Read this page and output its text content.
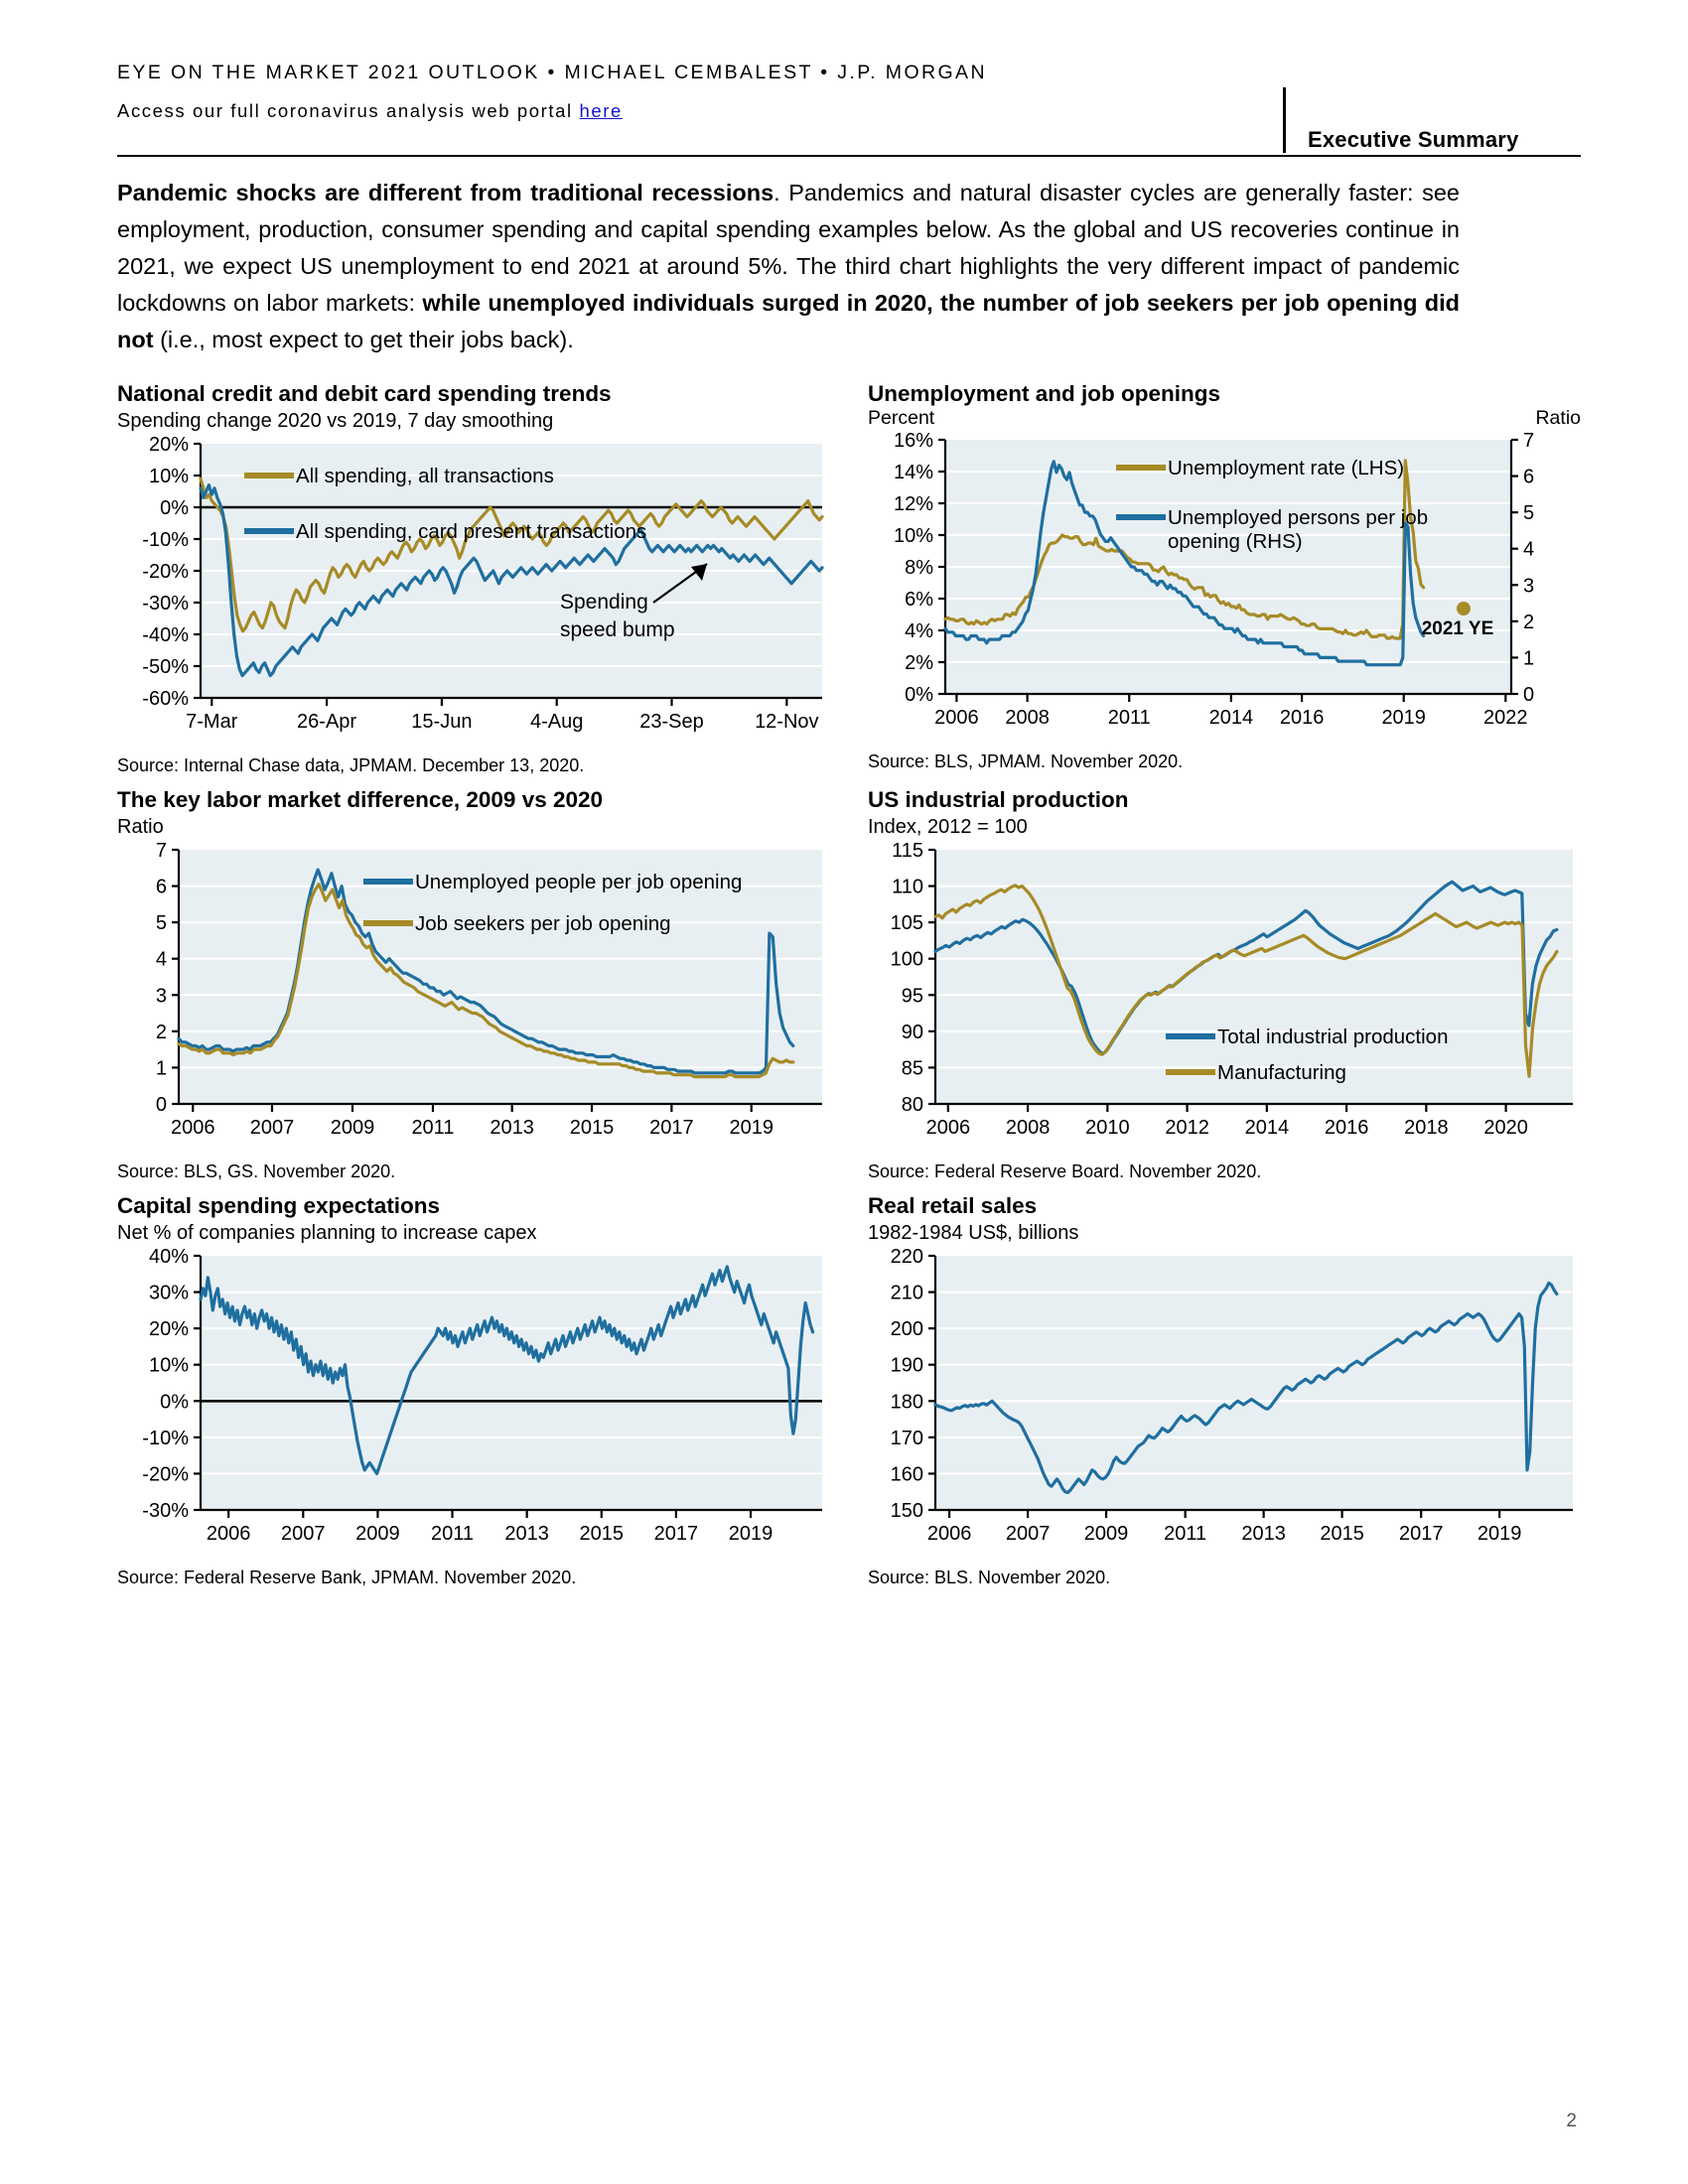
EYE ON THE MARKET 2021 OUTLOOK • MICHAEL CEMBALEST • J.P. MORGAN
Access our full coronavirus analysis web portal here
Executive Summary
Pandemic shocks are different from traditional recessions. Pandemics and natural disaster cycles are generally faster: see employment, production, consumer spending and capital spending examples below. As the global and US recoveries continue in 2021, we expect US unemployment to end 2021 at around 5%. The third chart highlights the very different impact of pandemic lockdowns on labor markets: while unemployed individuals surged in 2020, the number of job seekers per job opening did not (i.e., most expect to get their jobs back).
National credit and debit card spending trends
Spending change 2020 vs 2019, 7 day smoothing
20%
10%
0%
-10%
-20%
-30%
-40%
-50%
-60%
7-Mar	26-Apr	15-Jun	4-Aug	23-Sep	12-Nov
All spending, all transactions
All spending, card present transactions
Spending
speed bump
Source: Internal Chase data, JPMAM. December 13, 2020.
Unemployment and job openings
Percent	Ratio
16%
14%
12%
10%
8%
6%
4%
2%
0%
7
6
5
4
3
2
1
0
2006 2008	2011	2014 2016	2019	2022
Unemployment rate (LHS)
Unemployed persons per job
opening (RHS)
2021 YE
Source: BLS, JPMAM. November 2020.
The key labor market difference, 2009 vs 2020
Ratio
7
6
5
4
3
2
1
0
2006 2007 2009 2011 2013 2015 2017 2019
Unemployed people per job opening
Job seekers per job opening
Source: BLS, GS. November 2020.
US industrial production
Index, 2012 = 100
115
110
105
100
95
90
85
80
2006 2008 2010 2012 2014 2016 2018 2020
Total industrial production
Manufacturing
Source: Federal Reserve Board. November 2020.
Capital spending expectations
Net % of companies planning to increase capex
40%
30%
20%
10%
0%
-10%
-20%
-30%
2006 2007 2009 2011 2013 2015 2017 2019
Source: Federal Reserve Bank, JPMAM. November 2020.
Real retail sales
1982-1984 US$, billions
220
210
200
190
180
170
160
150
2006 2007 2009 2011 2013 2015 2017 2019
Source: BLS. November 2020.
2
